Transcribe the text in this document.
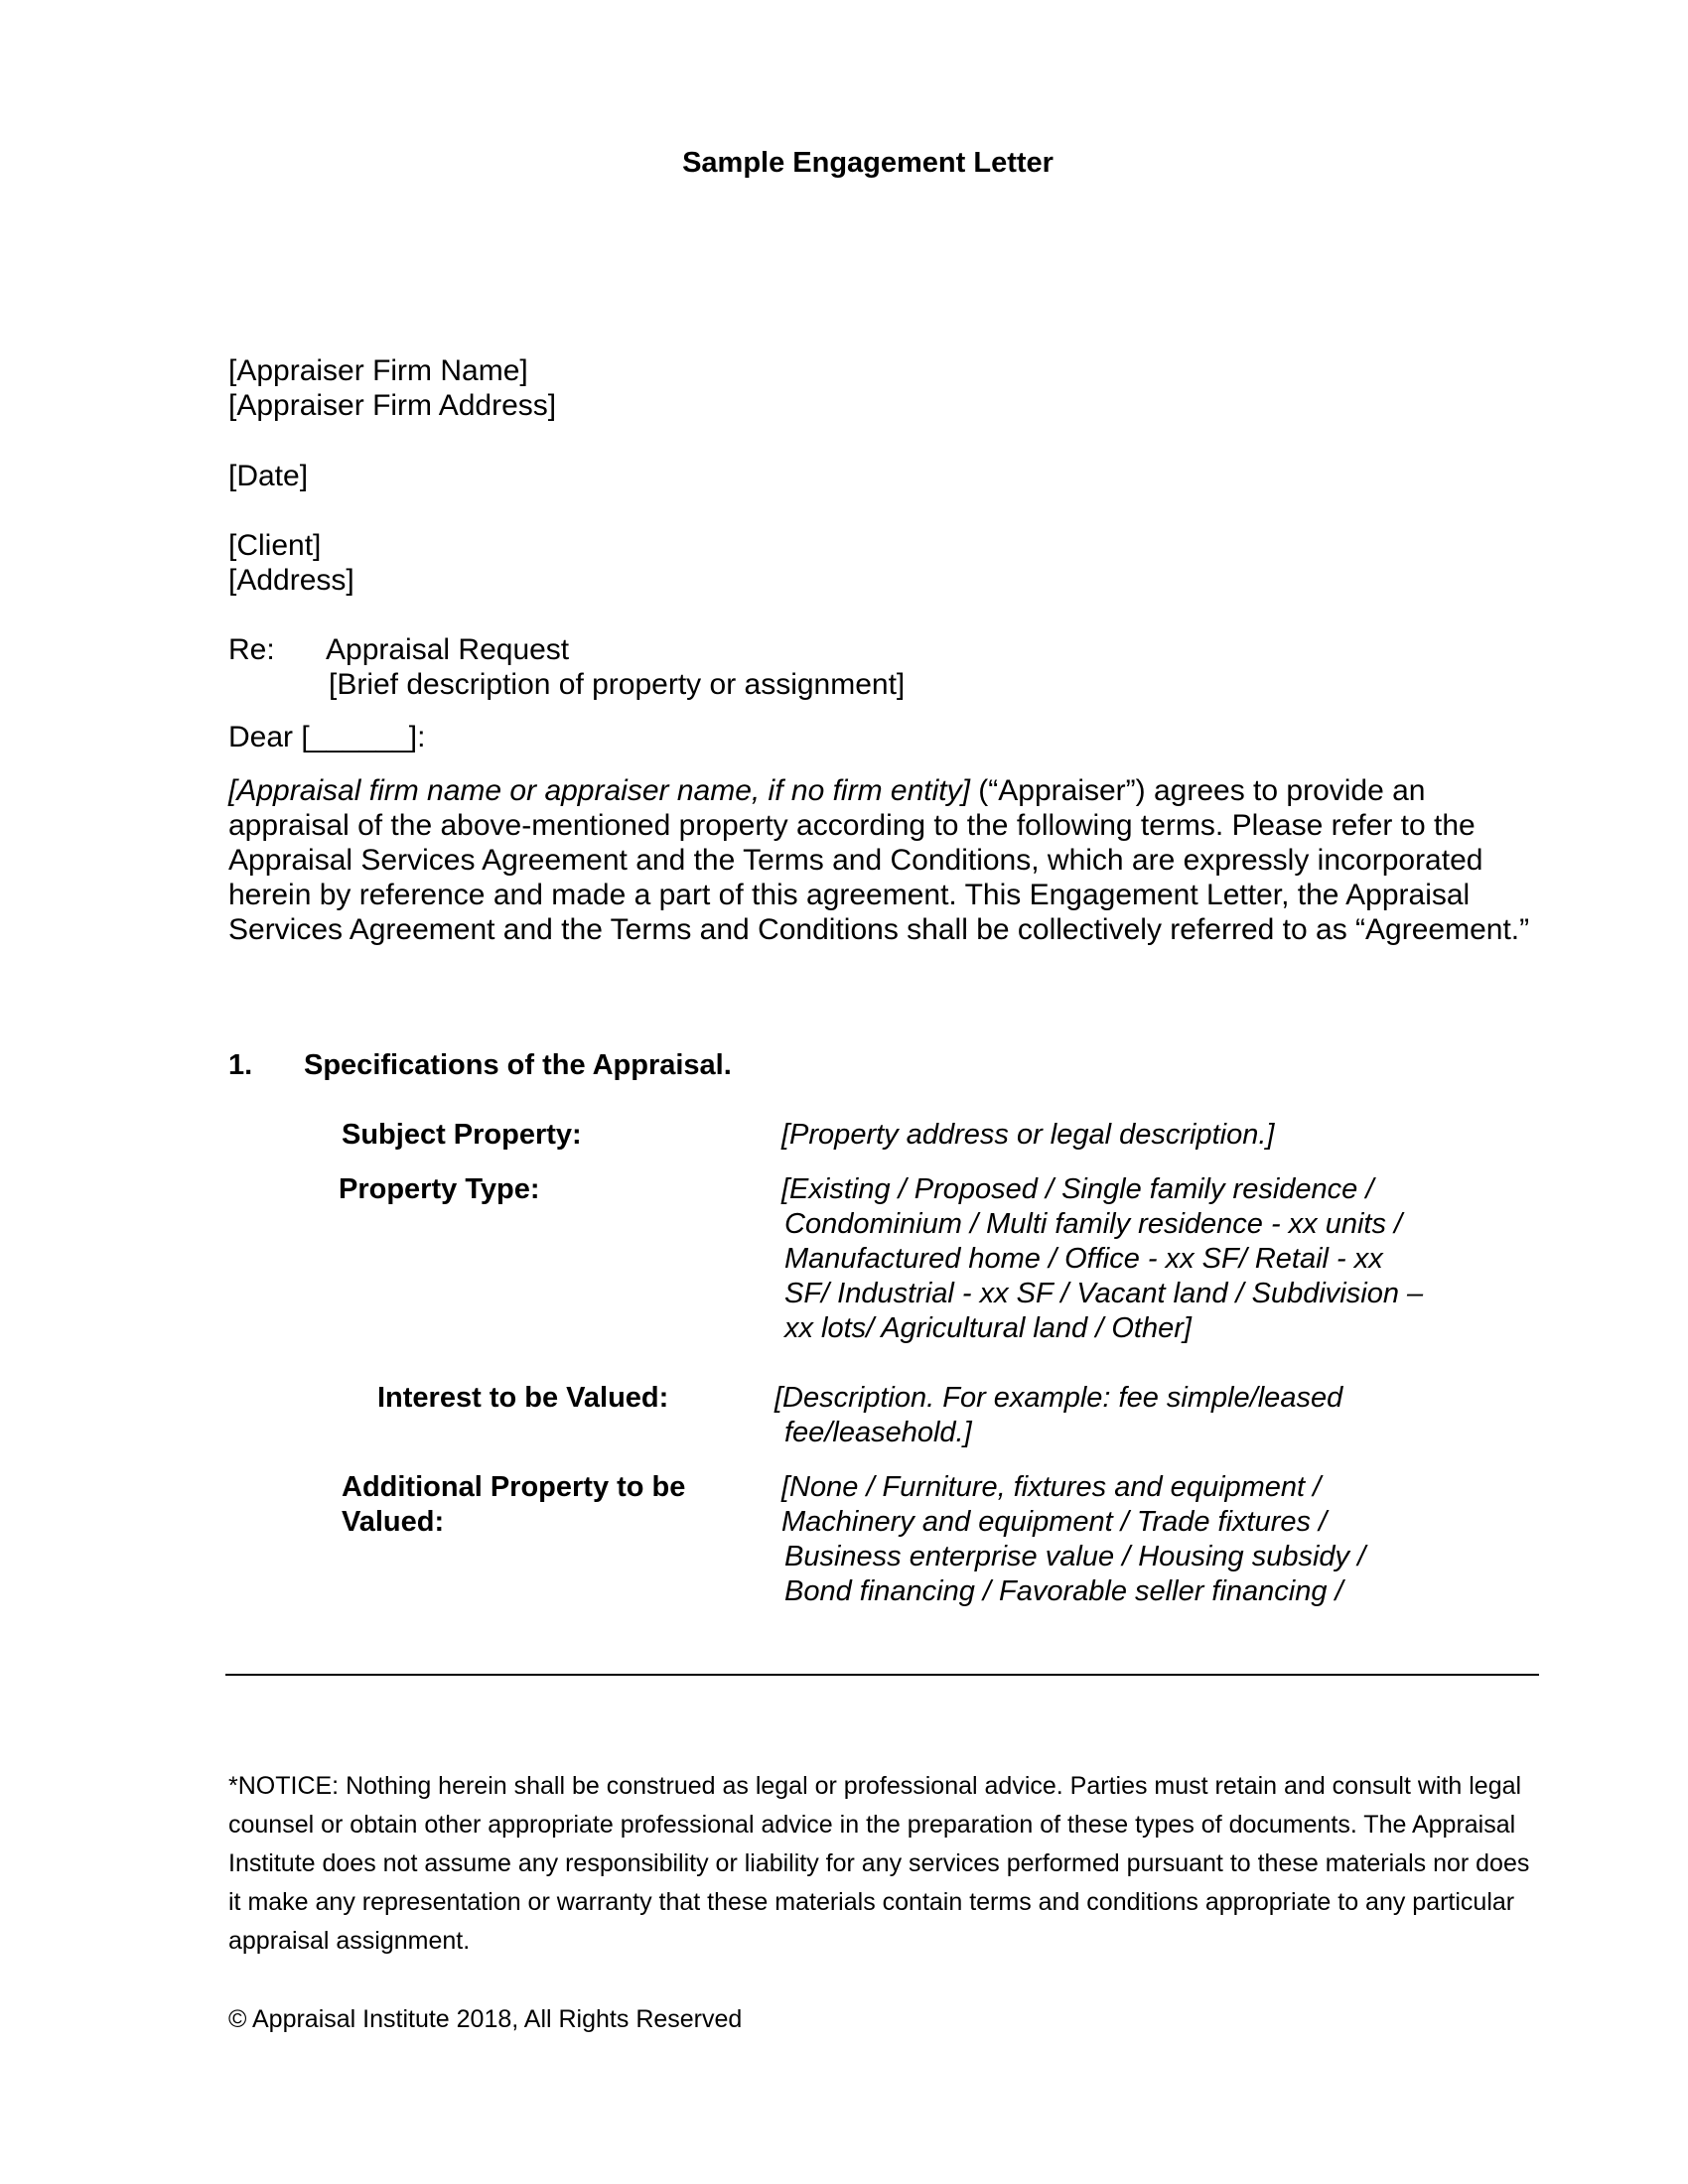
Sample Engagement Letter
[Appraiser Firm Name]
[Appraiser Firm Address]
[Date]
[Client]
[Address]
Re: Appraisal Request
[Brief description of property or assignment]
Dear [______]:
[Appraisal firm name or appraiser name, if no firm entity] (“Appraiser”) agrees to provide an appraisal of the above-mentioned property according to the following terms. Please refer to the Appraisal Services Agreement and the Terms and Conditions, which are expressly incorporated herein by reference and made a part of this agreement. This Engagement Letter, the Appraisal Services Agreement and the Terms and Conditions shall be collectively referred to as “Agreement.”
1. Specifications of the Appraisal.
Subject Property:	[Property address or legal description.]
Property Type:	[Existing / Proposed / Single family residence /
Condominium / Multi family residence - xx units /
Manufactured home / Office - xx SF/ Retail - xx
SF/ Industrial - xx SF / Vacant land / Subdivision –
xx lots/ Agricultural land / Other]
Interest to be Valued:	[Description. For example: fee simple/leased
fee/leasehold.]
Additional Property to be
Valued:
[None / Furniture, fixtures and equipment /
Machinery and equipment / Trade fixtures /
Business enterprise value / Housing subsidy /
Bond financing / Favorable seller financing /
*NOTICE: Nothing herein shall be construed as legal or professional advice. Parties must retain and consult with legal counsel or obtain other appropriate professional advice in the preparation of these types of documents. The Appraisal Institute does not assume any responsibility or liability for any services performed pursuant to these materials nor does it make any representation or warranty that these materials contain terms and conditions appropriate to any particular appraisal assignment.
© Appraisal Institute 2018, All Rights Reserved
